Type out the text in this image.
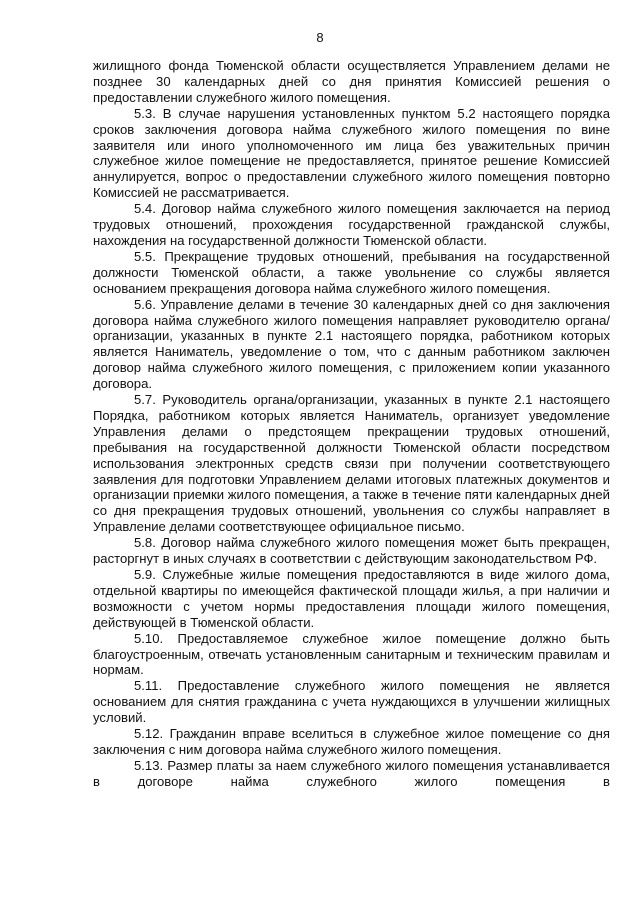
8

жилищного фонда Тюменской области осуществляется Управлением делами не позднее 30 календарных дней со дня принятия Комиссией решения о предоставлении служебного жилого помещения.

5.3. В случае нарушения установленных пунктом 5.2 настоящего порядка сроков заключения договора найма служебного жилого помещения по вине заявителя или иного уполномоченного им лица без уважительных причин служебное жилое помещение не предоставляется, принятое решение Комиссией аннулируется, вопрос о предоставлении служебного жилого помещения повторно Комиссией не рассматривается.

5.4. Договор найма служебного жилого помещения заключается на период трудовых отношений, прохождения государственной гражданской службы, нахождения на государственной должности Тюменской области.

5.5. Прекращение трудовых отношений, пребывания на государственной должности Тюменской области, а также увольнение со службы является основанием прекращения договора найма служебного жилого помещения.

5.6. Управление делами в течение 30 календарных дней со дня заключения договора найма служебного жилого помещения направляет руководителю органа/организации, указанных в пункте 2.1 настоящего порядка, работником которых является Наниматель, уведомление о том, что с данным работником заключен договор найма служебного жилого помещения, с приложением копии указанного договора.

5.7. Руководитель органа/организации, указанных в пункте 2.1 настоящего Порядка, работником которых является Наниматель, организует уведомление Управления делами о предстоящем прекращении трудовых отношений, пребывания на государственной должности Тюменской области посредством использования электронных средств связи при получении соответствующего заявления для подготовки Управлением делами итоговых платежных документов и организации приемки жилого помещения, а также в течение пяти календарных дней со дня прекращения трудовых отношений, увольнения со службы направляет в Управление делами соответствующее официальное письмо.

5.8. Договор найма служебного жилого помещения может быть прекращен, расторгнут в иных случаях в соответствии с действующим законодательством РФ.

5.9. Служебные жилые помещения предоставляются в виде жилого дома, отдельной квартиры по имеющейся фактической площади жилья, а при наличии и возможности с учетом нормы предоставления площади жилого помещения, действующей в Тюменской области.

5.10. Предоставляемое служебное жилое помещение должно быть благоустроенным, отвечать установленным санитарным и техническим правилам и нормам.

5.11. Предоставление служебного жилого помещения не является основанием для снятия гражданина с учета нуждающихся в улучшении жилищных условий.

5.12. Гражданин вправе вселиться в служебное жилое помещение со дня заключения с ним договора найма служебного жилого помещения.

5.13. Размер платы за наем служебного жилого помещения устанавливается в договоре найма служебного жилого помещения в
